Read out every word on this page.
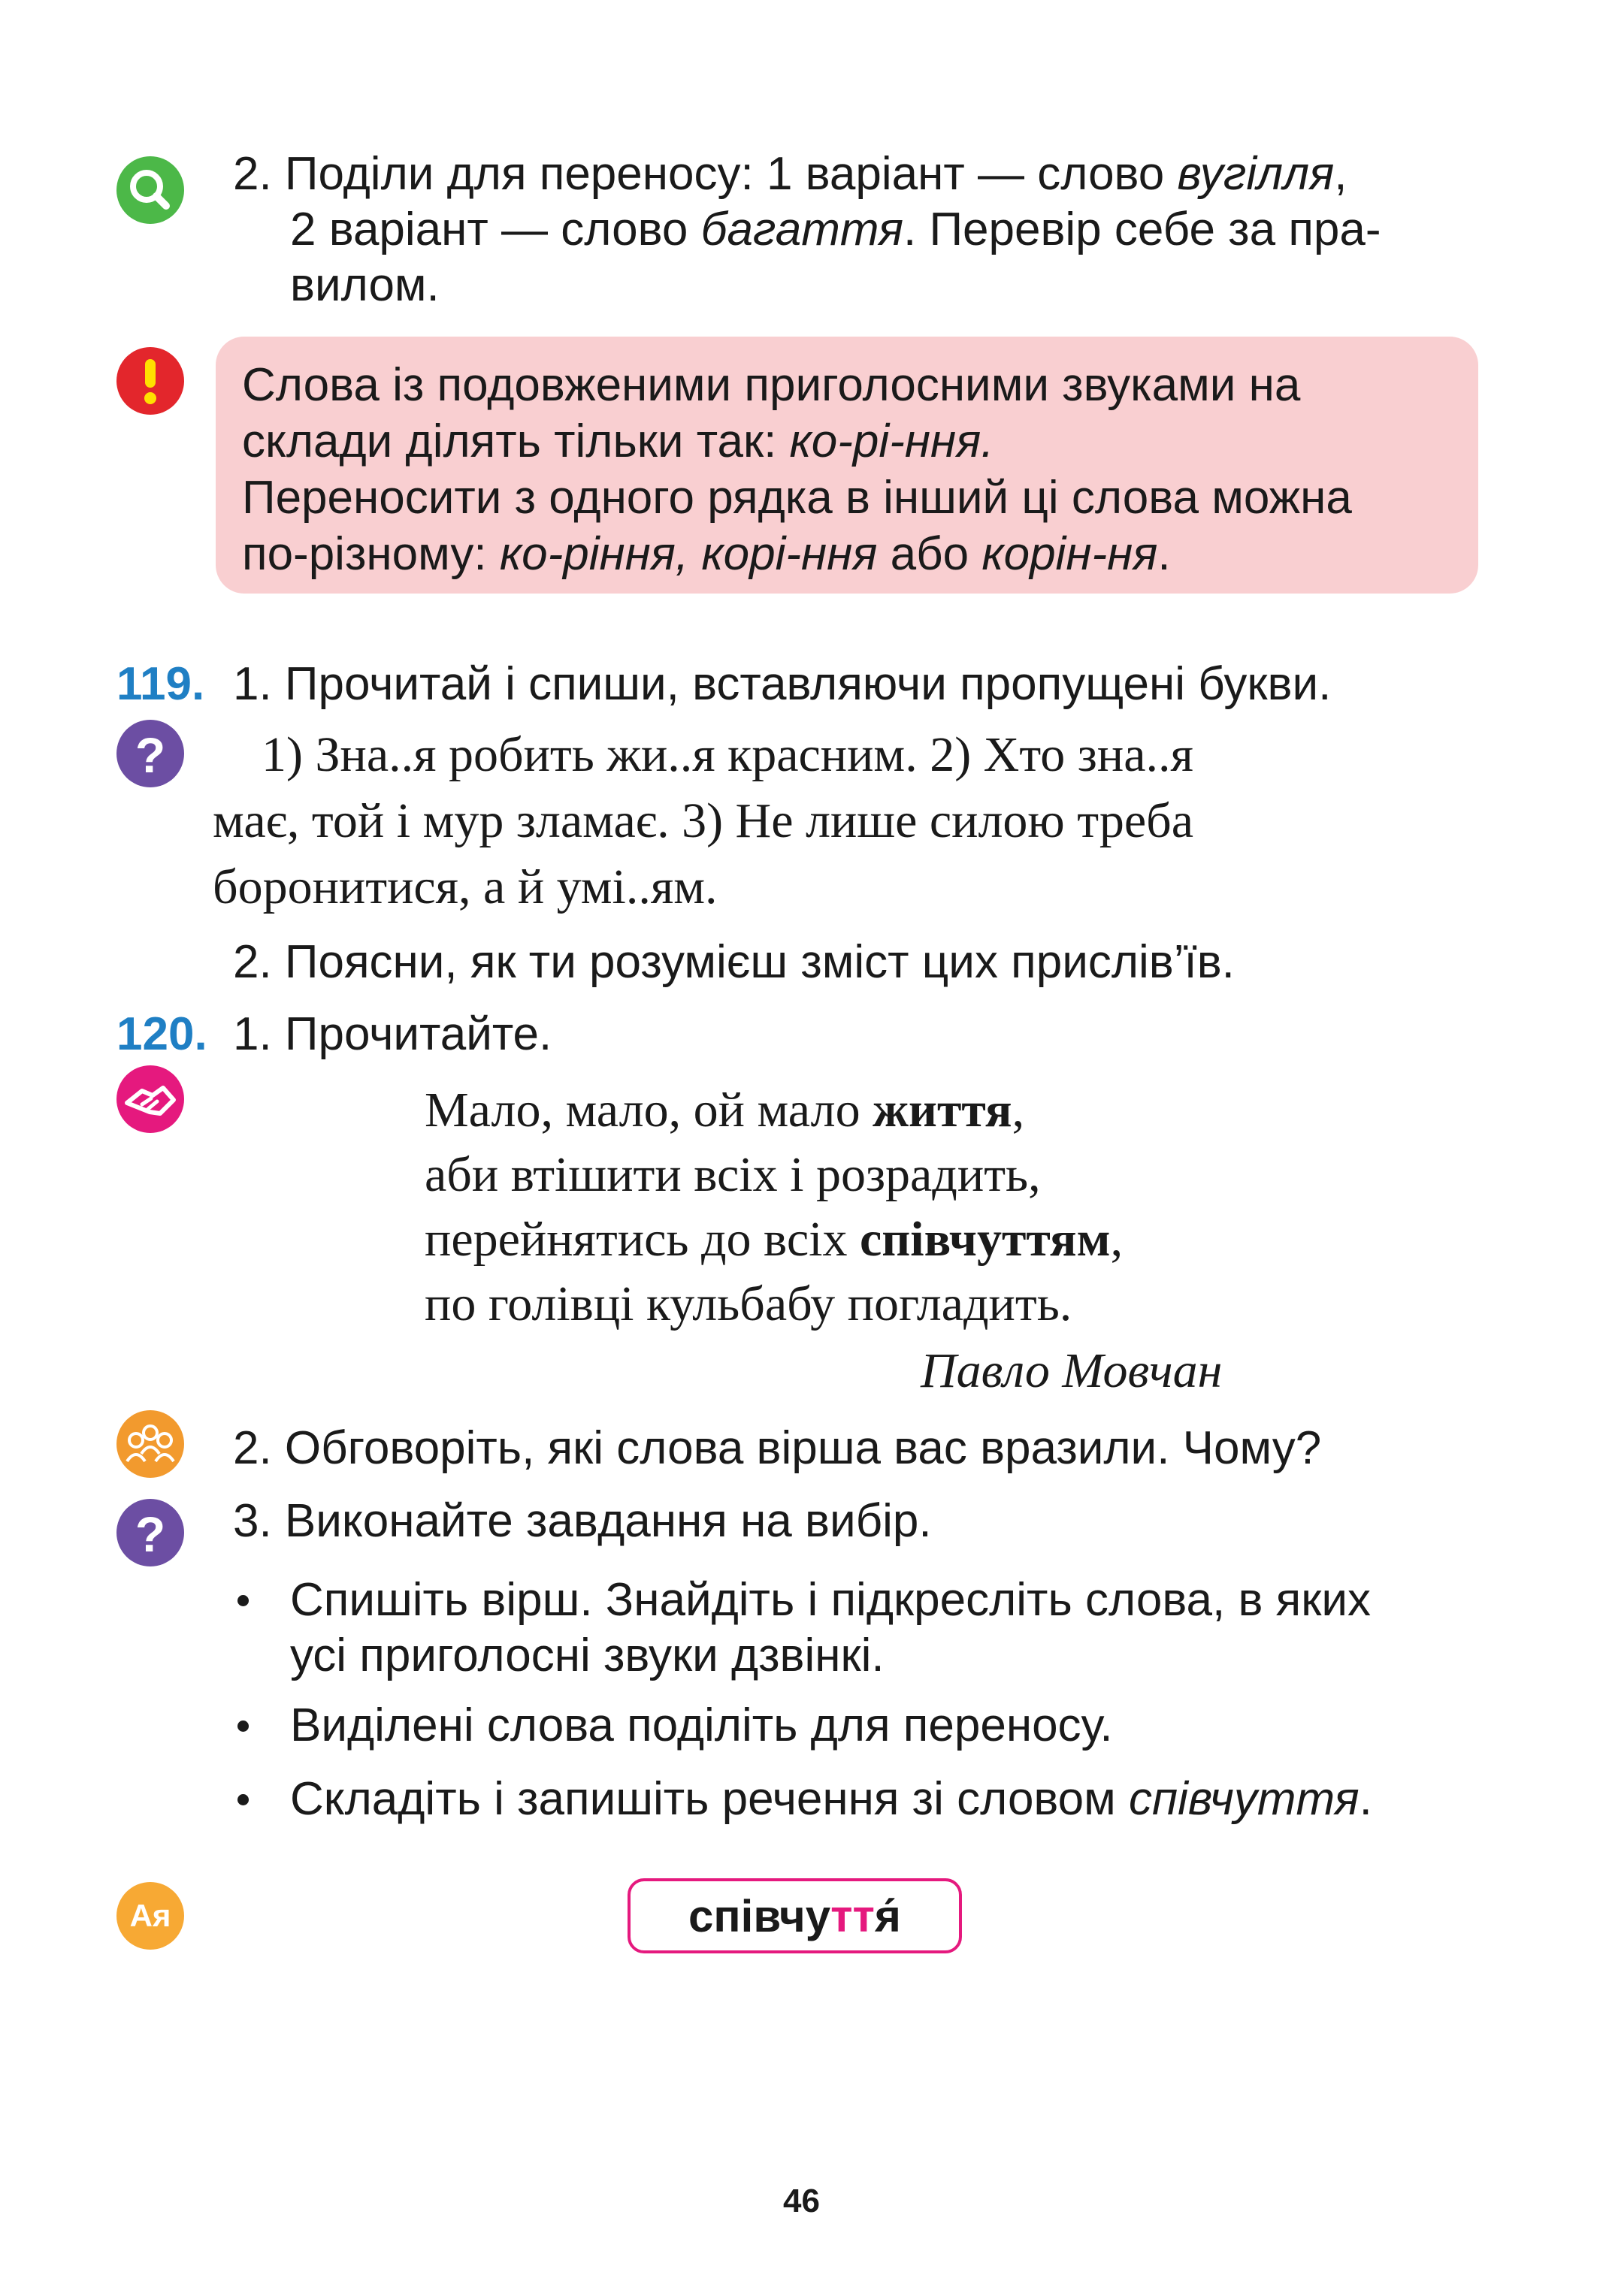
2. Поділи для переносу: 1 варіант — слово вугілля,
2 варіант — слово багаття. Перевір себе за пра-
вилом.
Слова із подовженими приголосними звуками на
склади ділять тільки так: ко-рі-ння.
Переносити з одного рядка в інший ці слова можна
по-різному: ко-ріння, корі-ння або корін-ня.
119. 1. Прочитай і спиши, вставляючи пропущені букви.
? 1) Зна..я робить жи..я красним. 2) Хто зна..я
має, той і мур зламає. 3) Не лише силою треба
боронитися, а й умі..ям.
2. Поясни, як ти розумієш зміст цих прислів’їв.
120. 1. Прочитайте.
Мало, мало, ой мало життя,
аби втішити всіх і розрадить,
перейнятись до всіх співчуттям,
по голівці кульбабу погладить.
Павло Мовчан
2. Обговоріть, які слова вірша вас вразили. Чому?
? 3. Виконайте завдання на вибір.
Спишіть вірш. Знайдіть і підкресліть слова, в яких
усі приголосні звуки дзвінкі.
Виділені слова поділіть для переносу.
Складіть і запишіть речення зі словом співчуття.
Ая	співчу тт я́
46
